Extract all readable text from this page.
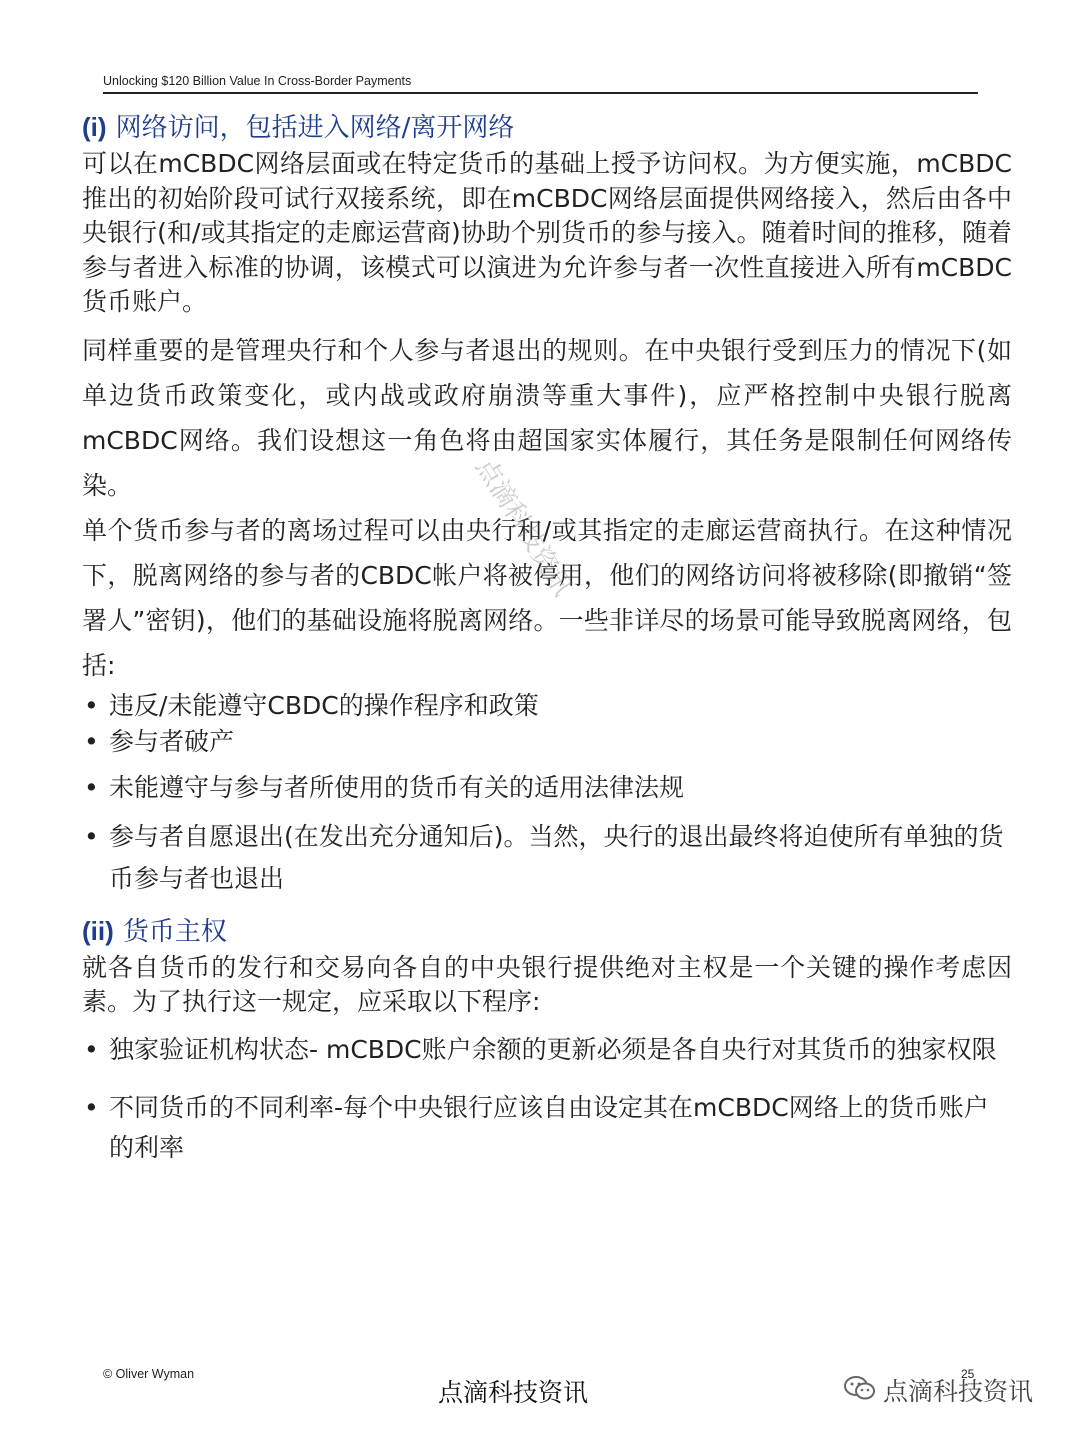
Unlocking $120 Billion Value In Cross-Border Payments
(i) 网络访问，包括进入网络/离开网络

可以在mCBDC网络层面或在特定货币的基础上授予访问权。为方便实施，mCBDC推出的初始阶段可试行双接系统，即在mCBDC网络层面提供网络接入，然后由各中央银行(和/或其指定的走廊运营商)协助个别货币的参与接入。随着时间的推移，随着参与者进入标准的协调，该模式可以演进为允许参与者一次性直接进入所有mCBDC货币账户。

同样重要的是管理央行和个人参与者退出的规则。在中央银行受到压力的情况下(如单边货币政策变化，或内战或政府崩溃等重大事件)，应严格控制中央银行脱离mCBDC网络。我们设想这一角色将由超国家实体履行，其任务是限制任何网络传染。

单个货币参与者的离场过程可以由央行和/或其指定的走廊运营商执行。在这种情况下，脱离网络的参与者的CBDC帐户将被停用，他们的网络访问将被移除(即撤销“签署人”密钥)，他们的基础设施将脱离网络。一些非详尽的场景可能导致脱离网络，包括:

• 违反/未能遵守CBDC的操作程序和政策
• 参与者破产
• 未能遵守与参与者所使用的货币有关的适用法律法规
• 参与者自愿退出(在发出充分通知后)。当然，央行的退出最终将迫使所有单独的货币参与者也退出
(ii) 货币主权

就各自货币的发行和交易向各自的中央银行提供绝对主权是一个关键的操作考虑因素。为了执行这一规定，应采取以下程序:

• 独家验证机构状态- mCBDC账户余额的更新必须是各自央行对其货币的独家权限
• 不同货币的不同利率-每个中央银行应该自由设定其在mCBDC网络上的货币账户的利率
点滴科技资讯
© Oliver Wyman	25
点滴科技资讯	点滴科技资讯
